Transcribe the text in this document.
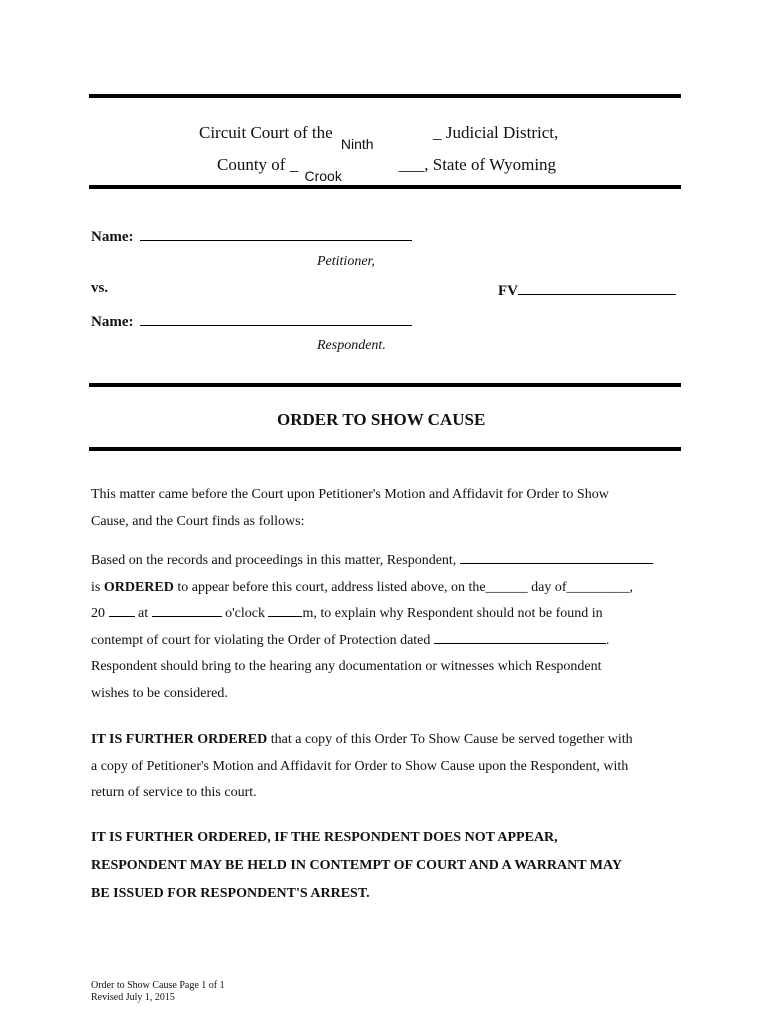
Circuit Court of the
Ninth
_ Judicial District,
County of _
Crook
___, State of Wyoming
Name:
Petitioner,
vs.	FV
Name:
Respondent.
ORDER TO SHOW CAUSE

This matter came before the Court upon Petitioner's Motion and Affidavit for Order to Show

Cause, and the Court finds as follows:

Based on the records and proceedings in this matter, Respondent,

is ORDERED to appear before this court, address listed above, on the______ day of_________,

20 at	o'clock	m, to explain why Respondent should not be found in

contempt of court for violating the Order of Protection dated	.

Respondent should bring to the hearing any documentation or witnesses which Respondent

wishes to be considered.

IT IS FURTHER ORDERED that a copy of this Order To Show Cause be served together with

a copy of Petitioner's Motion and Affidavit for Order to Show Cause upon the Respondent, with

return of service to this court.

IT IS FURTHER ORDERED, IF THE RESPONDENT DOES NOT APPEAR,

RESPONDENT MAY BE HELD IN CONTEMPT OF COURT AND A WARRANT MAY

BE ISSUED FOR RESPONDENT'S ARREST.

Order to Show Cause Page 1 of 1
Revised July 1, 2015
